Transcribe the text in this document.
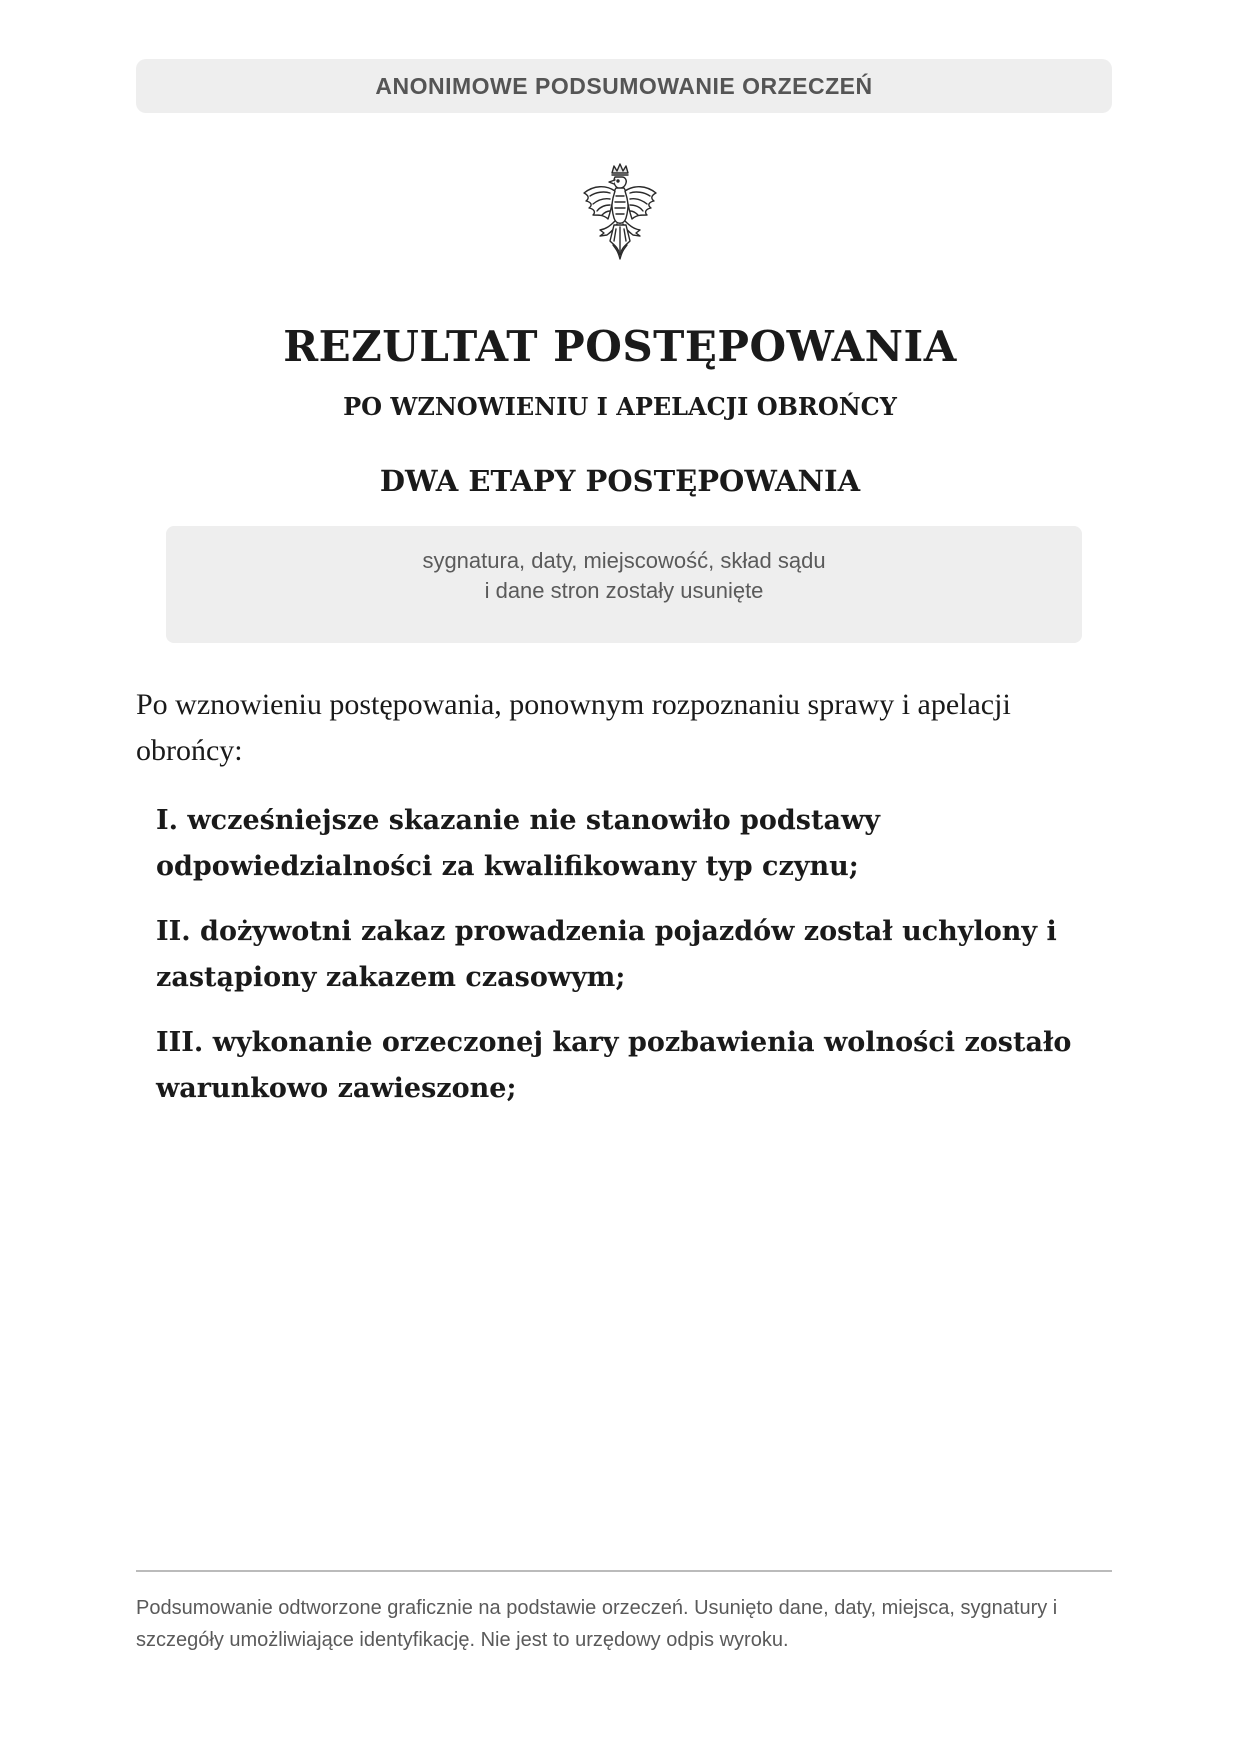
ANONIMOWE PODSUMOWANIE ORZECZEŃ
REZULTAT POSTĘPOWANIA
PO WZNOWIENIU I APELACJI OBROŃCY
DWA ETAPY POSTĘPOWANIA
sygnatura, daty, miejscowość, skład sądu
i dane stron zostały usunięte
Po wznowieniu postępowania, ponownym rozpoznaniu sprawy i apelacji obrońcy:
I. wcześniejsze skazanie nie stanowiło podstawy odpowiedzialności za kwalifikowany typ czynu;
II. dożywotni zakaz prowadzenia pojazdów został uchylony i zastąpiony zakazem czasowym;
III. wykonanie orzeczonej kary pozbawienia wolności zostało warunkowo zawieszone;
Podsumowanie odtworzone graficznie na podstawie orzeczeń. Usunięto dane, daty, miejsca, sygnatury i szczegóły umożliwiające identyfikację. Nie jest to urzędowy odpis wyroku.
